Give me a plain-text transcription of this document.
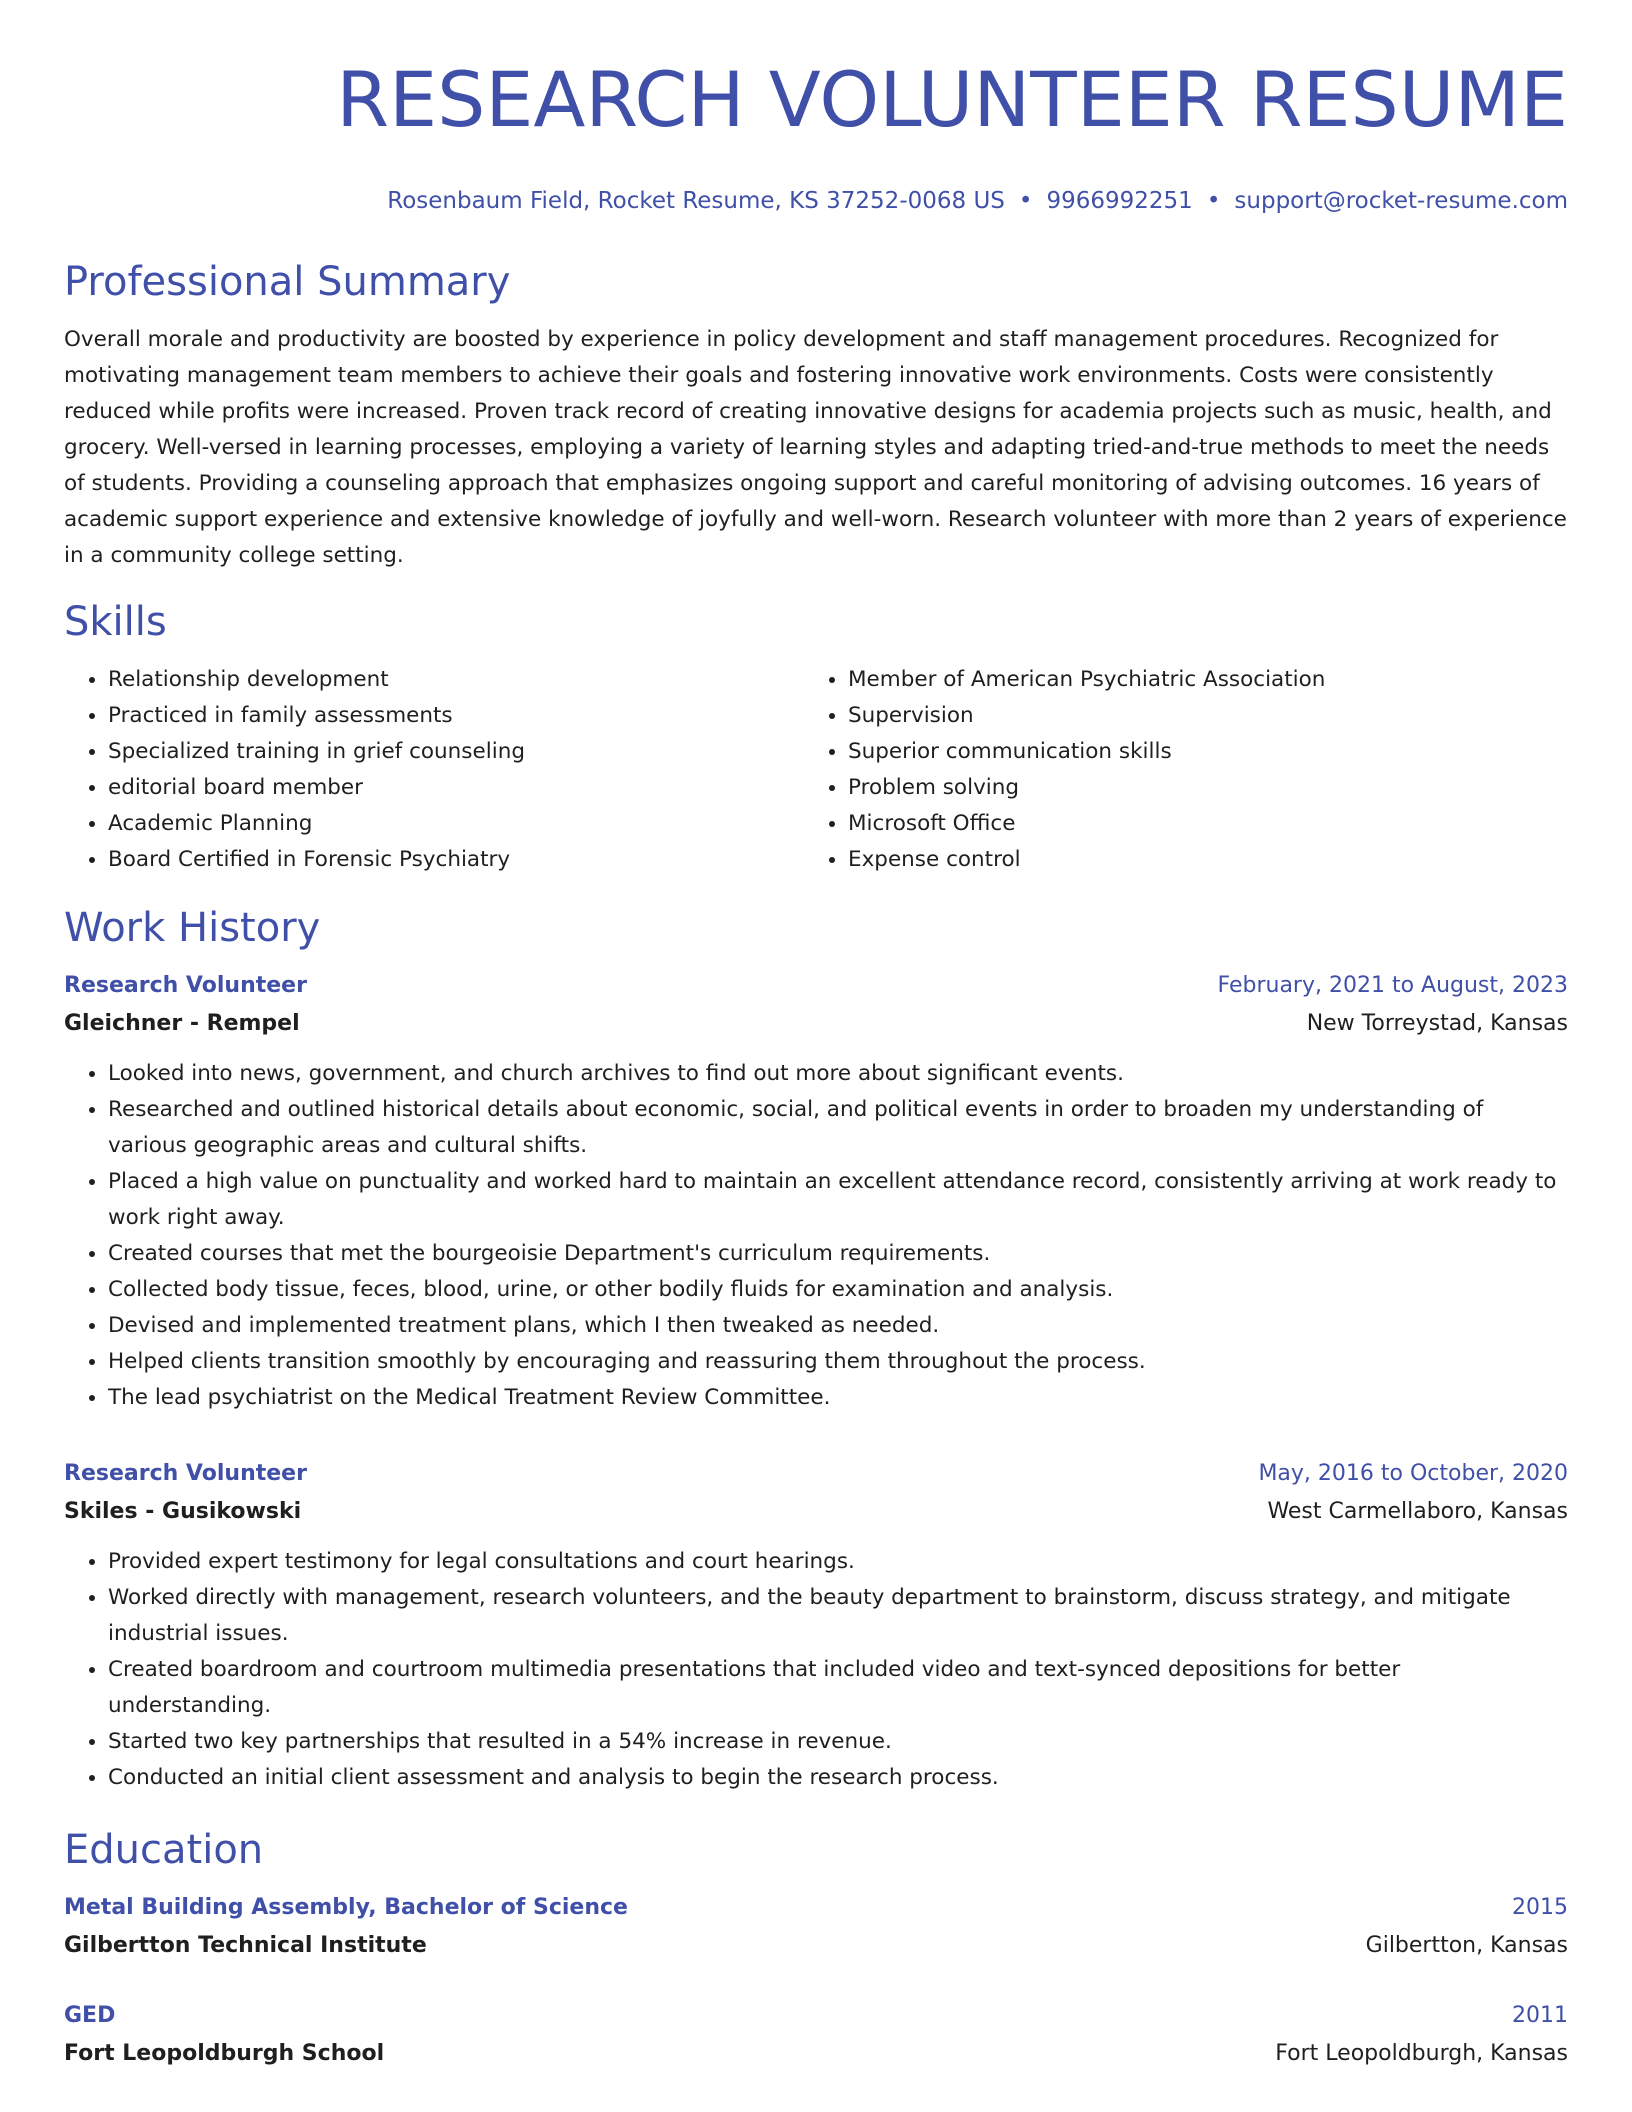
RESEARCH VOLUNTEER RESUME
Rosenbaum Field, Rocket Resume, KS 37252-0068 US • 9966992251 • support@rocket-resume.com
Professional Summary

Overall morale and productivity are boosted by experience in policy development and staff management procedures. Recognized for motivating management team members to achieve their goals and fostering innovative work environments. Costs were consistently reduced while profits were increased. Proven track record of creating innovative designs for academia projects such as music, health, and grocery. Well-versed in learning processes, employing a variety of learning styles and adapting tried-and-true methods to meet the needs of students. Providing a counseling approach that emphasizes ongoing support and careful monitoring of advising outcomes. 16 years of academic support experience and extensive knowledge of joyfully and well-worn. Research volunteer with more than 2 years of experience in a community college setting.

Skills
• Relationship development
• Practiced in family assessments
• Specialized training in grief counseling
• editorial board member
• Academic Planning
• Board Certified in Forensic Psychiatry
• Member of American Psychiatric Association
• Supervision
• Superior communication skills
• Problem solving
• Microsoft Office
• Expense control
Work History
Research Volunteer	February, 2021 to August, 2023
Gleichner - Rempel	New Torreystad, Kansas
• Looked into news, government, and church archives to find out more about significant events.
• Researched and outlined historical details about economic, social, and political events in order to broaden my understanding of various geographic areas and cultural shifts.
• Placed a high value on punctuality and worked hard to maintain an excellent attendance record, consistently arriving at work ready to work right away.
• Created courses that met the bourgeoisie Department's curriculum requirements.
• Collected body tissue, feces, blood, urine, or other bodily fluids for examination and analysis.
• Devised and implemented treatment plans, which I then tweaked as needed.
• Helped clients transition smoothly by encouraging and reassuring them throughout the process.
• The lead psychiatrist on the Medical Treatment Review Committee.
Research Volunteer	May, 2016 to October, 2020
Skiles - Gusikowski	West Carmellaboro, Kansas
• Provided expert testimony for legal consultations and court hearings.
• Worked directly with management, research volunteers, and the beauty department to brainstorm, discuss strategy, and mitigate industrial issues.
• Created boardroom and courtroom multimedia presentations that included video and text-synced depositions for better understanding.
• Started two key partnerships that resulted in a 54% increase in revenue.
• Conducted an initial client assessment and analysis to begin the research process.
Education
Metal Building Assembly, Bachelor of Science	2015
Gilbertton Technical Institute	Gilbertton, Kansas
GED	2011
Fort Leopoldburgh School	Fort Leopoldburgh, Kansas
